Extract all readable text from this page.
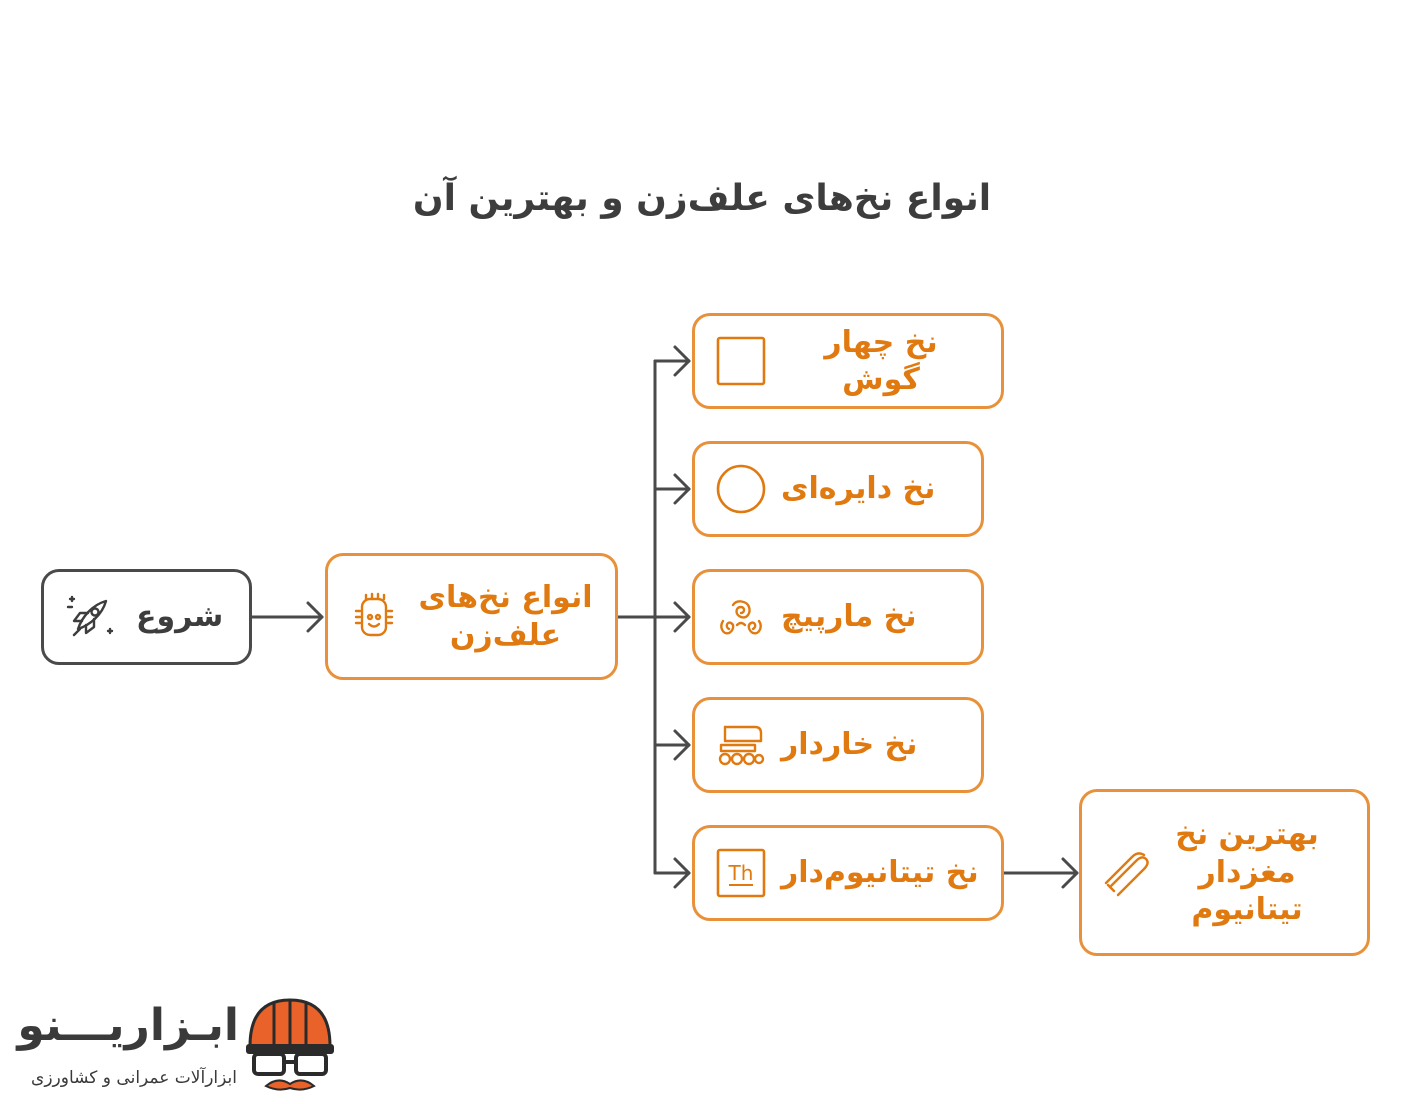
انواع نخ‌های علف‌زن و بهترین آن
شروع
انواع نخ‌های علف‌زن
نخ چهار گوش
نخ دایره‌ای
نخ مارپیچ
نخ خاردار
Th نخ تیتانیوم‌دار
بهترین نخ مغزدار تیتانیوم
ابـزاریـــنو
ابزارآلات عمرانی و کشاورزی
